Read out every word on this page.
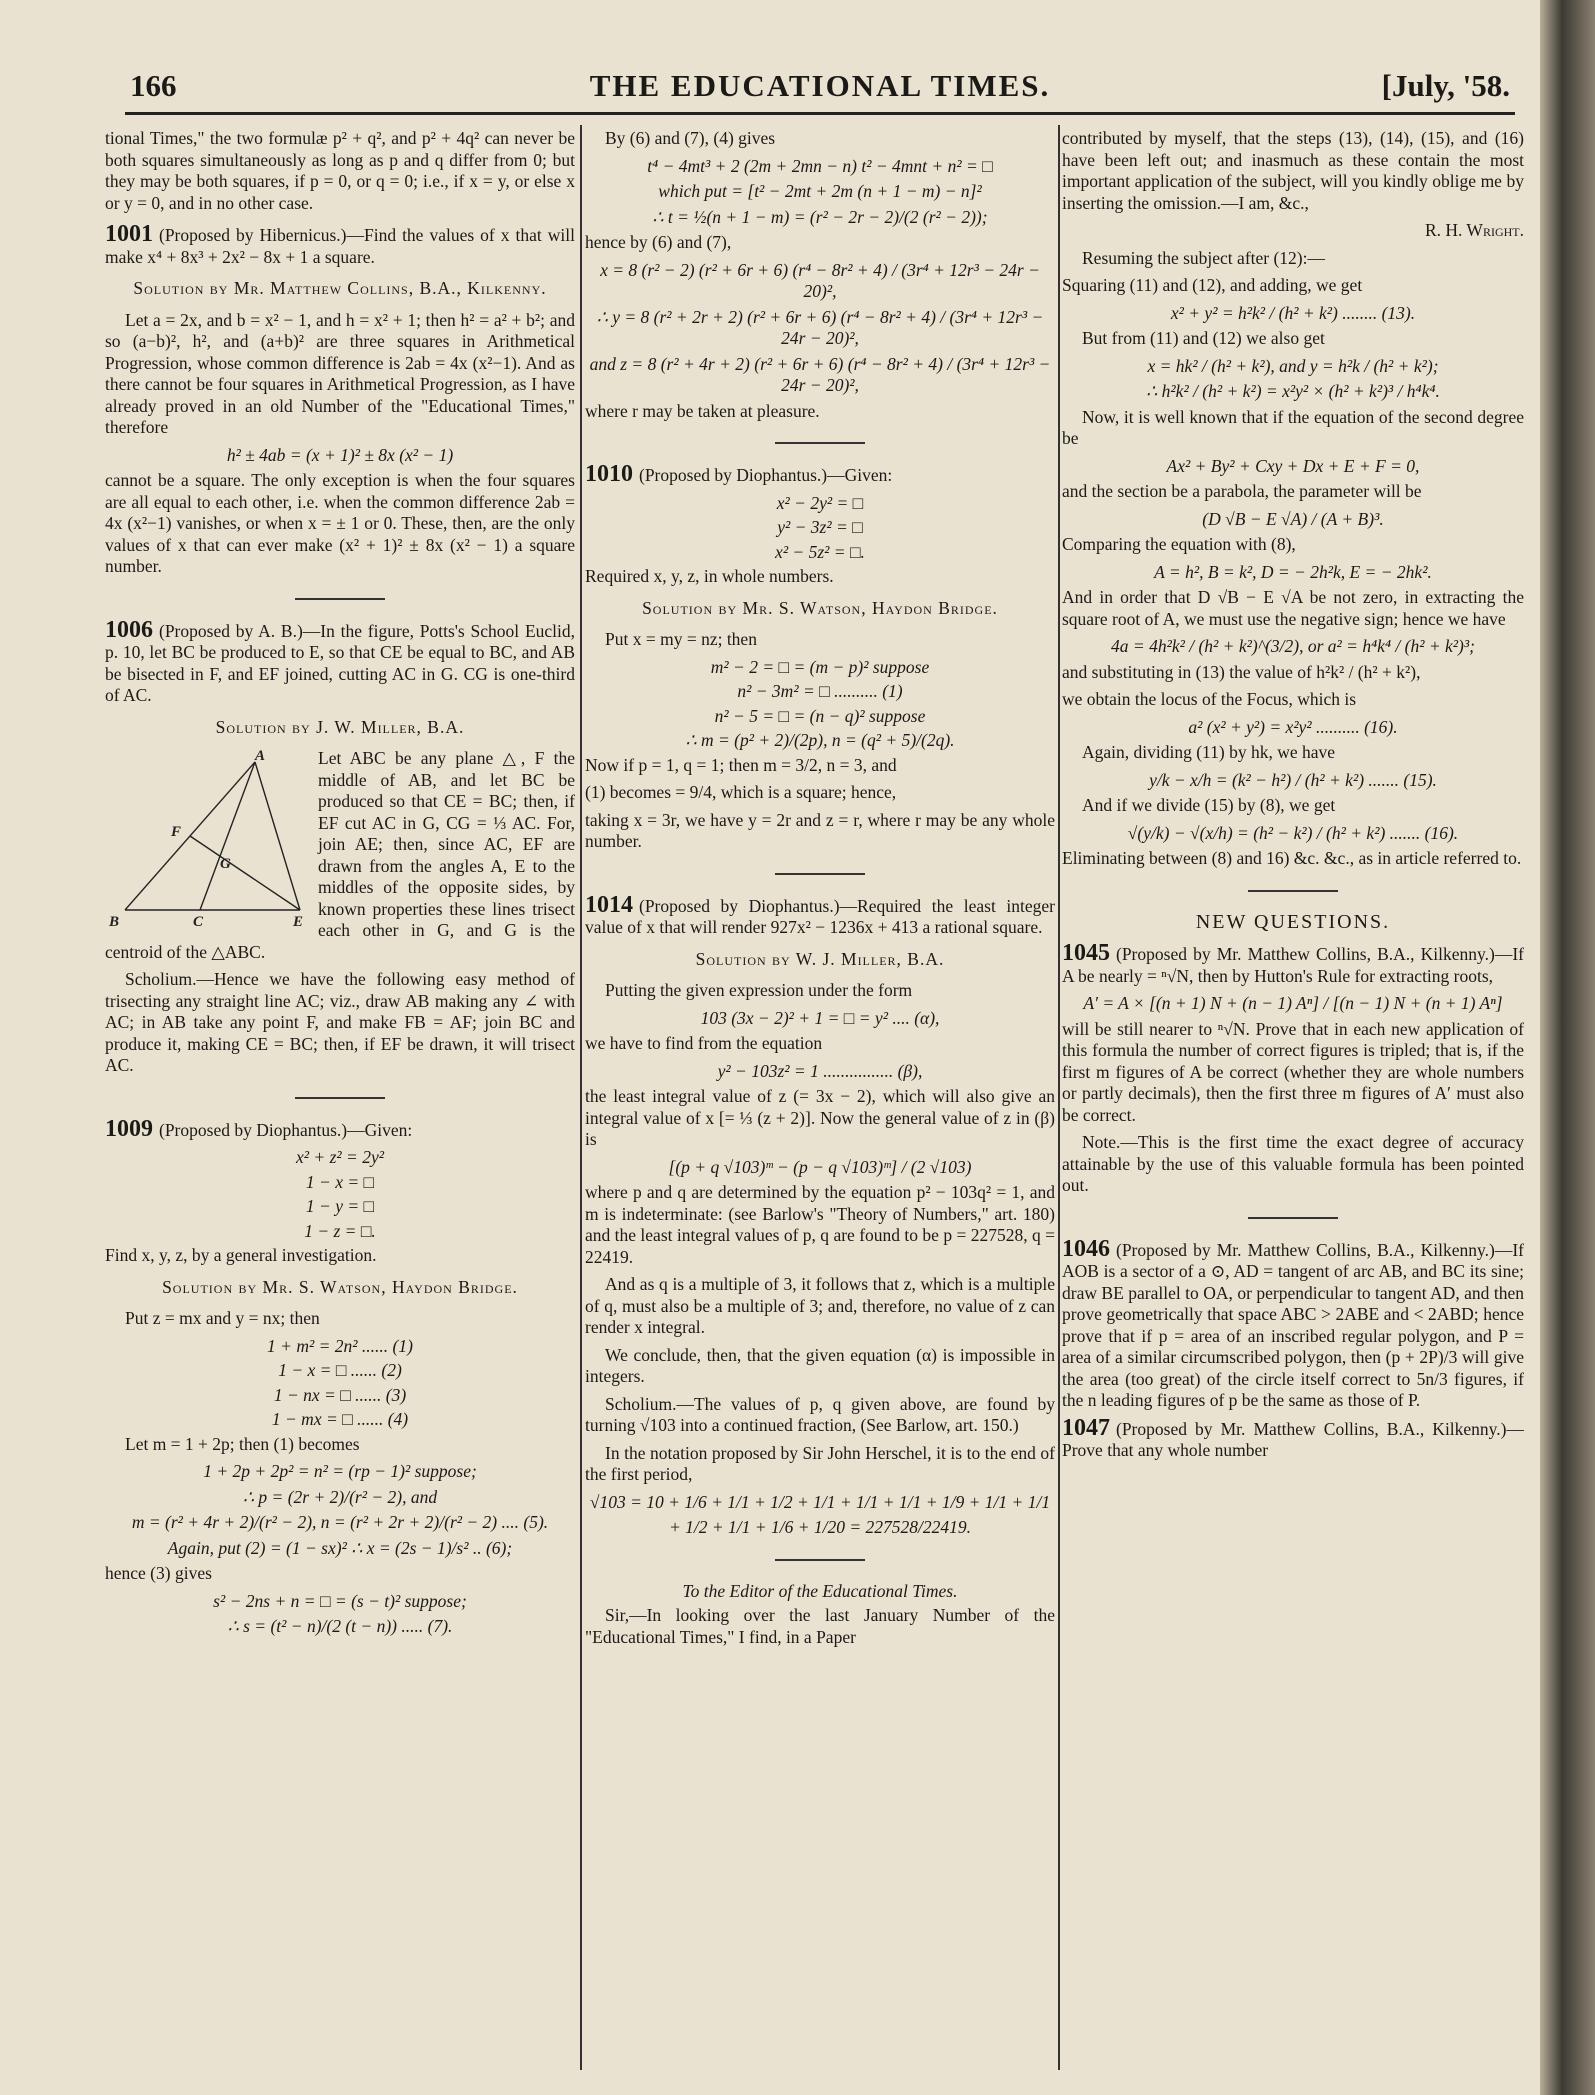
166	THE EDUCATIONAL TIMES.	[July, '58.

tional Times," the two formulæ p² + q², and p² + 4q² can never be both squares simultaneously as long as p and q differ from 0; but they may be both squares, if p = 0, or q = 0; i.e., if x = y, or else x or y = 0, and in no other case.

1001 (Proposed by Hibernicus.)—Find the values of x that will make x⁴ + 8x³ + 2x² − 8x + 1 a square.

Solution by Mr. Matthew Collins, B.A., Kilkenny.

Let a = 2x, and b = x² − 1, and h = x² + 1; then h² = a² + b²; and so (a−b)², h², and (a+b)² are three squares in Arithmetical Progression, whose common difference is 2ab = 4x (x²−1). And as there cannot be four squares in Arithmetical Progression, as I have already proved in an old Number of the "Educational Times," therefore

h² ± 4ab = (x + 1)² ± 8x (x² − 1)

cannot be a square. The only exception is when the four squares are all equal to each other, i.e. when the common difference 2ab = 4x (x²−1) vanishes, or when x = ± 1 or 0. These, then, are the only values of x that can ever make (x² + 1)² ± 8x (x² − 1) a square number.

1006 (Proposed by A. B.)—In the figure, Potts's School Euclid, p. 10, let BC be produced to E, so that CE be equal to BC, and AB be bisected in F, and EF joined, cutting AC in G. CG is one-third of AC.

Solution by J. W. Miller, B.A.

A
B	C
F
G
E

Let ABC be any plane △, F the middle of AB, and let BC be produced so that CE = BC; then, if EF cut AC in G, CG = ⅓ AC. For, join AE; then, since AC, EF are drawn from the angles A, E to the middles of the opposite sides, by known properties these lines trisect each other in G, and G is the centroid of the △ABC.

Scholium.—Hence we have the following easy method of trisecting any straight line AC; viz., draw AB making any ∠ with AC; in AB take any point F, and make FB = AF; join BC and produce it, making CE = BC; then, if EF be drawn, it will trisect AC.

1009 (Proposed by Diophantus.)—Given:

x² + z² = 2y²

1 − x = □

1 − y = □

1 − z = □.

Find x, y, z, by a general investigation.

Solution by Mr. S. Watson, Haydon Bridge.

Put z = mx and y = nx; then

1 + m² = 2n² ...... (1)

1 − x = □ ...... (2)

1 − nx = □ ...... (3)

1 − mx = □ ...... (4)

Let m = 1 + 2p; then (1) becomes

1 + 2p + 2p² = n² = (rp − 1)² suppose;

∴ p = (2r + 2)/(r² − 2), and

m = (r² + 4r + 2)/(r² − 2), n = (r² + 2r + 2)/(r² − 2) .... (5).

Again, put (2) = (1 − sx)² ∴ x = (2s − 1)/s² .. (6);

hence (3) gives

s² − 2ns + n = □ = (s − t)² suppose;

∴ s = (t² − n)/(2 (t − n)) ..... (7).

By (6) and (7), (4) gives

t⁴ − 4mt³ + 2 (2m + 2mn − n) t² − 4mnt + n² = □

which put = [t² − 2mt + 2m (n + 1 − m) − n]²

∴ t = ½(n + 1 − m) = (r² − 2r − 2)/(2 (r² − 2));

hence by (6) and (7),

x = 8 (r² − 2) (r² + 6r + 6) (r⁴ − 8r² + 4) / (3r⁴ + 12r³ − 24r − 20)²,

∴ y = 8 (r² + 2r + 2) (r² + 6r + 6) (r⁴ − 8r² + 4) / (3r⁴ + 12r³ − 24r − 20)²,

and z = 8 (r² + 4r + 2) (r² + 6r + 6) (r⁴ − 8r² + 4) / (3r⁴ + 12r³ − 24r − 20)²,

where r may be taken at pleasure.

1010 (Proposed by Diophantus.)—Given:

x² − 2y² = □

y² − 3z² = □

x² − 5z² = □.

Required x, y, z, in whole numbers.

Solution by Mr. S. Watson, Haydon Bridge.

Put x = my = nz; then

m² − 2 = □ = (m − p)² suppose

n² − 3m² = □ .......... (1)

n² − 5 = □ = (n − q)² suppose

∴ m = (p² + 2)/(2p), n = (q² + 5)/(2q).

Now if p = 1, q = 1; then m = 3/2, n = 3, and

(1) becomes = 9/4, which is a square; hence,

taking x = 3r, we have y = 2r and z = r, where r may be any whole number.

1014 (Proposed by Diophantus.)—Required the least integer value of x that will render 927x² − 1236x + 413 a rational square.

Solution by W. J. Miller, B.A.

Putting the given expression under the form

103 (3x − 2)² + 1 = □ = y² .... (α),

we have to find from the equation

y² − 103z² = 1 ................ (β),

the least integral value of z (= 3x − 2), which will also give an integral value of x [= ⅓ (z + 2)]. Now the general value of z in (β) is

[(p + q √103)ᵐ − (p − q √103)ᵐ] / (2 √103)

where p and q are determined by the equation p² − 103q² = 1, and m is indeterminate: (see Barlow's "Theory of Numbers," art. 180) and the least integral values of p, q are found to be p = 227528, q = 22419.

And as q is a multiple of 3, it follows that z, which is a multiple of q, must also be a multiple of 3; and, therefore, no value of z can render x integral.

We conclude, then, that the given equation (α) is impossible in integers.

Scholium.—The values of p, q given above, are found by turning √103 into a continued fraction, (See Barlow, art. 150.)

In the notation proposed by Sir John Herschel, it is to the end of the first period,

√103 = 10 + 1/6 + 1/1 + 1/2 + 1/1 + 1/1 + 1/1 + 1/9 + 1/1 + 1/1

+ 1/2 + 1/1 + 1/6 + 1/20 = 227528/22419.

To the Editor of the Educational Times.

Sir,—In looking over the last January Number of the "Educational Times," I find, in a Paper

contributed by myself, that the steps (13), (14), (15), and (16) have been left out; and inasmuch as these contain the most important application of the subject, will you kindly oblige me by inserting the omission.—I am, &c.,

R. H. Wright.

Resuming the subject after (12):—

Squaring (11) and (12), and adding, we get

x² + y² = h²k² / (h² + k²) ........ (13).

But from (11) and (12) we also get

x = hk² / (h² + k²), and y = h²k / (h² + k²);

∴ h²k² / (h² + k²) = x²y² × (h² + k²)³ / h⁴k⁴.

Now, it is well known that if the equation of the second degree be

Ax² + By² + Cxy + Dx + E + F = 0,

and the section be a parabola, the parameter will be

(D √B − E √A) / (A + B)³.

Comparing the equation with (8),

A = h², B = k², D = − 2h²k, E = − 2hk².

And in order that D √B − E √A be not zero, in extracting the square root of A, we must use the negative sign; hence we have

4a = 4h²k² / (h² + k²)^(3/2), or a² = h⁴k⁴ / (h² + k²)³;

and substituting in (13) the value of h²k² / (h² + k²),

we obtain the locus of the Focus, which is

a² (x² + y²) = x²y² .......... (16).

Again, dividing (11) by hk, we have

y/k − x/h = (k² − h²) / (h² + k²) ....... (15).

And if we divide (15) by (8), we get

√(y/k) − √(x/h) = (h² − k²) / (h² + k²) ....... (16).

Eliminating between (8) and 16) &c. &c., as in article referred to.

NEW QUESTIONS.

1045 (Proposed by Mr. Matthew Collins, B.A., Kilkenny.)—If A be nearly = ⁿ√N, then by Hutton's Rule for extracting roots,

A′ = A × [(n + 1) N + (n − 1) Aⁿ] / [(n − 1) N + (n + 1) Aⁿ]

will be still nearer to ⁿ√N. Prove that in each new application of this formula the number of correct figures is tripled; that is, if the first m figures of A be correct (whether they are whole numbers or partly decimals), then the first three m figures of A′ must also be correct.

Note.—This is the first time the exact degree of accuracy attainable by the use of this valuable formula has been pointed out.

1046 (Proposed by Mr. Matthew Collins, B.A., Kilkenny.)—If AOB is a sector of a ⊙, AD = tangent of arc AB, and BC its sine; draw BE parallel to OA, or perpendicular to tangent AD, and then prove geometrically that space ABC > 2ABE and < 2ABD; hence prove that if p = area of an inscribed regular polygon, and P = area of a similar circumscribed polygon, then (p + 2P)/3 will give the area (too great) of the circle itself correct to 5n/3 figures, if the n leading figures of p be the same as those of P.

1047 (Proposed by Mr. Matthew Collins, B.A., Kilkenny.)—Prove that any whole number
